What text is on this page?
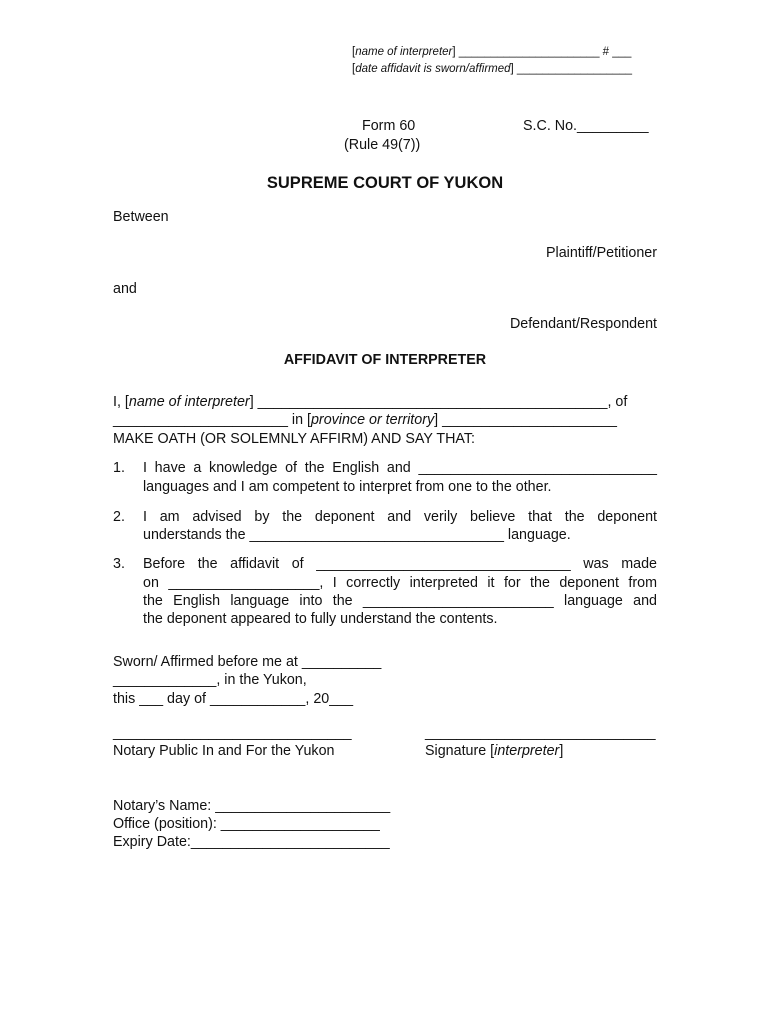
[name of interpreter] ______________________ # ___
[date affidavit is sworn/affirmed] __________________
Form 60
(Rule 49(7))
S.C. No._________
SUPREME COURT OF YUKON
Between
Plaintiff/Petitioner
and
Defendant/Respondent
AFFIDAVIT OF INTERPRETER
I, [name of interpreter] ____________________________________________, of
______________________ in [province or territory] ______________________
MAKE OATH (OR SOLEMNLY AFFIRM) AND SAY THAT:
1. I have a knowledge of the English and ______________________________
languages and I am competent to interpret from one to the other.
2. I am advised by the deponent and verily believe that the deponent
understands the ________________________________ language.
3. Before the affidavit of ________________________________ was made
on ___________________, I correctly interpreted it for the deponent from
the English language into the ________________________ language and
the deponent appeared to fully understand the contents.
Sworn/ Affirmed before me at __________
_____________, in the Yukon,
this ___ day of ____________, 20___
______________________________
Notary Public In and For the Yukon
_____________________________
Signature [interpreter]
Notary’s Name: ______________________
Office (position): ____________________
Expiry Date:_________________________
